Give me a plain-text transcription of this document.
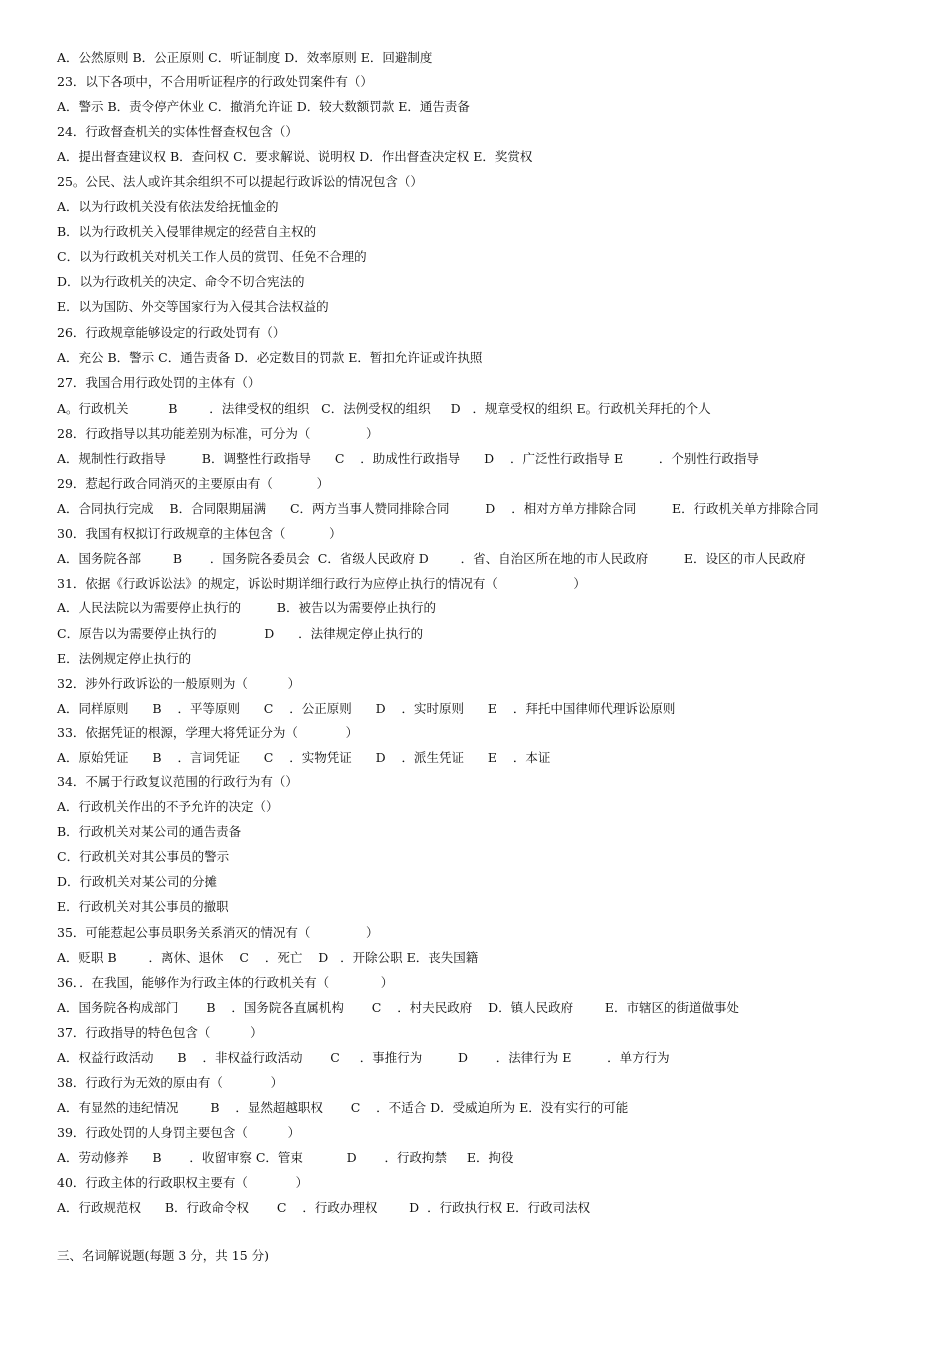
A．公然原则 B．公正原则 C．听证制度 D．效率原则 E．回避制度
23．以下各项中，不合用听证程序的行政处罚案件有（）
A．警示 B．责令停产休业 C．撤消允许证 D．较大数额罚款 E．通告责备
24．行政督查机关的实体性督查权包含（）
A．提出督查建议权 B．查问权 C．要求解说、说明权 D．作出督查决定权 E．奖赏权
25。公民、法人或许其余组织不可以提起行政诉讼的情况包含（）
A．以为行政机关没有依法发给抚恤金的
B．以为行政机关入侵罪律规定的经营自主权的
C．以为行政机关对机关工作人员的赏罚、任免不合理的
D．以为行政机关的决定、命令不切合宪法的
E．以为国防、外交等国家行为入侵其合法权益的
26．行政规章能够设定的行政处罚有（）
A．充公 B．警示 C．通告责备 D．必定数目的罚款 E．暂扣允许证或许执照
27．我国合用行政处罚的主体有（）
A。行政机关          B        ．法律受权的组织   C．法例受权的组织     D   ．规章受权的组织 E。行政机关拜托的个人
28．行政指导以其功能差别为标准，可分为（              ）
A．规制性行政指导         B．调整性行政指导      C    ．助成性行政指导      D    ．广泛性行政指导 E         ．个别性行政指导
29．惹起行政合同消灭的主要原由有（           ）
A．合同执行完成    B．合同限期届满      C．两方当事人赞同排除合同         D    ．相对方单方排除合同         E．行政机关单方排除合同
30．我国有权拟订行政规章的主体包含（           ）
A．国务院各部        B       ．国务院各委员会  C．省级人民政府 D        ．省、自治区所在地的市人民政府         E．设区的市人民政府
31．依据《行政诉讼法》的规定，诉讼时期详细行政行为应停止执行的情况有（                   ）
A．人民法院以为需要停止执行的         B．被告以为需要停止执行的
C．原告以为需要停止执行的            D      ．法律规定停止执行的
E．法例规定停止执行的
32．涉外行政诉讼的一般原则为（          ）
A．同样原则      B    ．平等原则      C    ．公正原则      D    ．实时原则      E    ．拜托中国律师代理诉讼原则
33．依据凭证的根源，学理大将凭证分为（            ）
A．原始凭证      B    ．言词凭证      C    ．实物凭证      D    ．派生凭证      E    ．本证
34．不属于行政复议范围的行政行为有（）
A．行政机关作出的不予允许的决定（）
B．行政机关对某公司的通告责备
C．行政机关对其公事员的警示
D．行政机关对某公司的分摊
E．行政机关对其公事员的撤职
35．可能惹起公事员职务关系消灭的情况有（              ）
A．贬职 B        ．离休、退休    C    ．死亡    D   ．开除公职 E．丧失国籍
36．．在我国，能够作为行政主体的行政机关有（             ）
A．国务院各构成部门       B    ．国务院各直属机构       C    ．村夫民政府    D．镇人民政府        E．市辖区的街道做事处
37．行政指导的特色包含（          ）
A．权益行政活动      B    ．非权益行政活动       C     ．事推行为         D       ．法律行为 E         ．单方行为
38．行政行为无效的原由有（            ）
A．有显然的违纪情况        B    ．显然超越职权       C    ．不适合 D．受威迫所为 E．没有实行的可能
39．行政处罚的人身罚主要包含（          ）
A．劳动修养      B       ．收留审察 C．管束           D       ．行政拘禁     E．拘役
40．行政主体的行政职权主要有（            ）
A．行政规范权      B．行政命令权       C    ．行政办理权        D  ．行政执行权 E．行政司法权
三、名词解说题(每题 3 分，共 15 分)
